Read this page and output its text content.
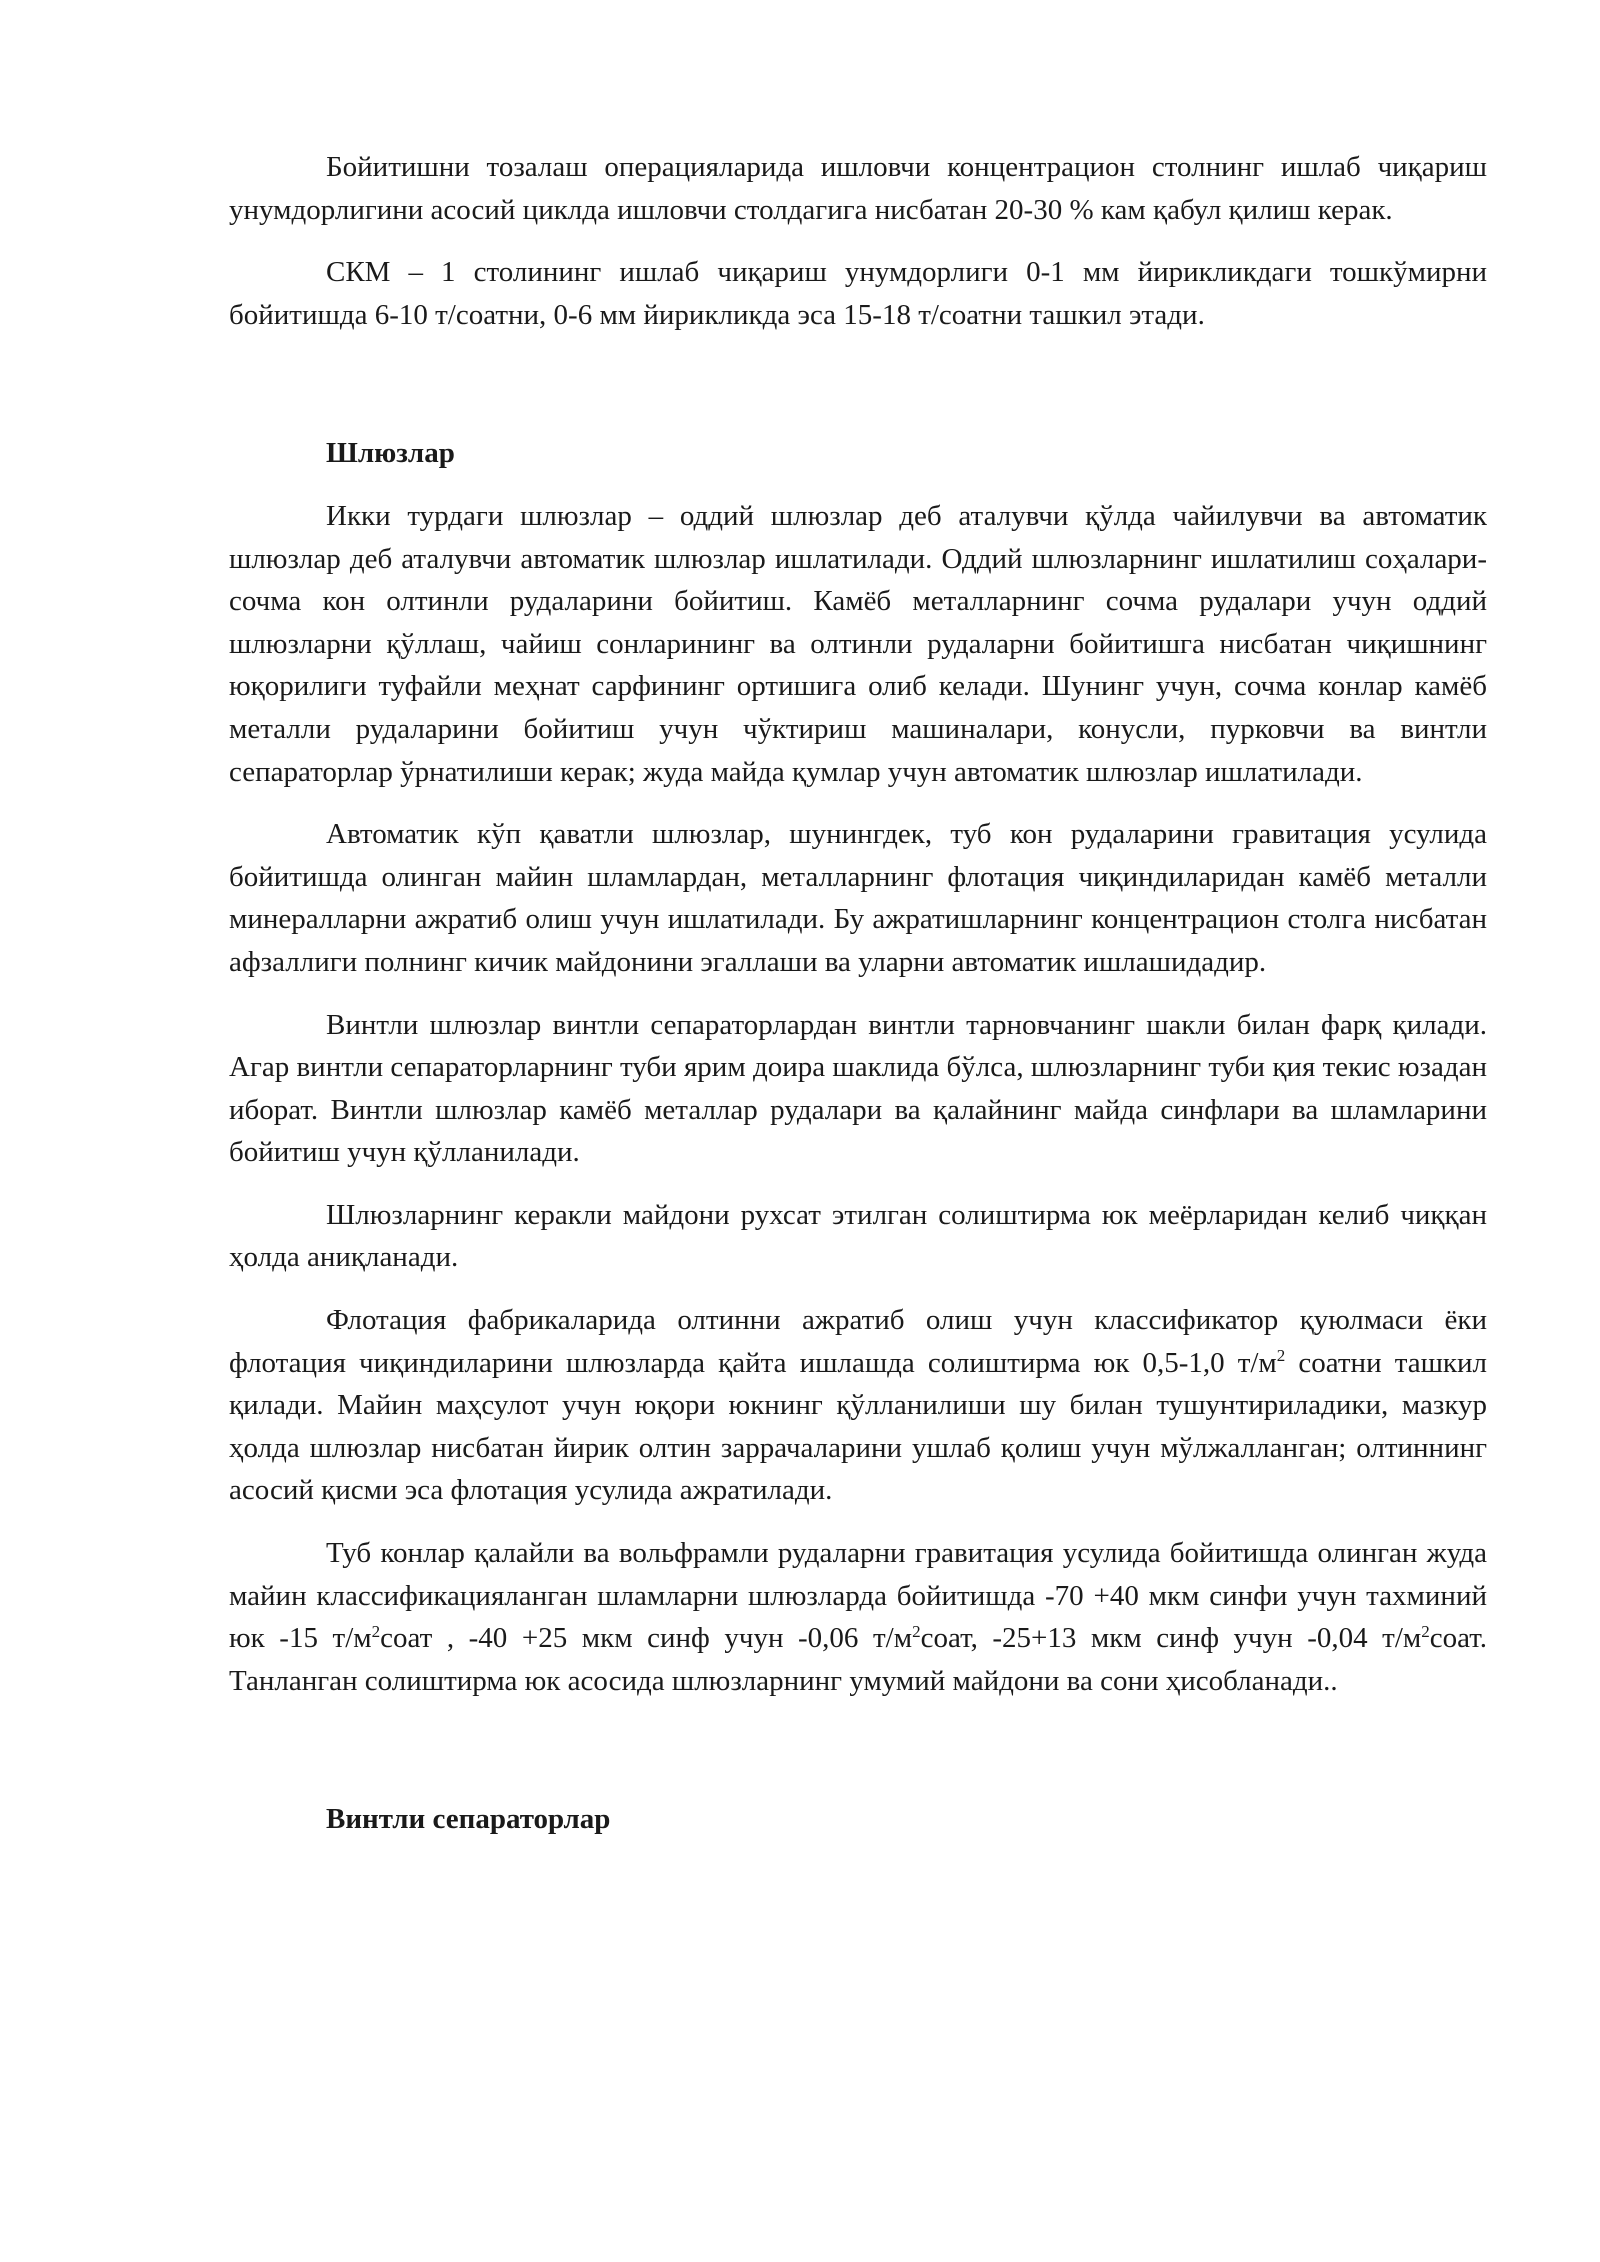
Бойитишни тозалаш операцияларида ишловчи концентрацион столнинг ишлаб чиқариш унумдорлигини асосий циклда ишловчи столдагига нисбатан 20-30 % кам қабул қилиш керак.

СКМ – 1 столининг ишлаб чиқариш унумдорлиги 0-1 мм йирикликдаги тошкўмирни бойитишда 6-10 т/соатни, 0-6 мм йирикликда эса 15-18 т/соатни ташкил этади.

Шлюзлар

Икки турдаги шлюзлар – оддий шлюзлар деб аталувчи қўлда чайилувчи ва автоматик шлюзлар деб аталувчи автоматик шлюзлар ишлатилади. Оддий шлюзларнинг ишлатилиш соҳалари- сочма кон олтинли рудаларини бойитиш. Камёб металларнинг сочма рудалари учун оддий шлюзларни қўллаш, чайиш сонларининг ва олтинли рудаларни бойитишга нисбатан чиқишнинг юқорилиги туфайли меҳнат сарфининг ортишига олиб келади. Шунинг учун, сочма конлар камёб металли рудаларини бойитиш учун чўктириш машиналари, конусли, пурковчи ва винтли сепараторлар ўрнатилиши керак; жуда майда қумлар учун автоматик шлюзлар ишлатилади.

Автоматик кўп қаватли шлюзлар, шунингдек, туб кон рудаларини гравитация усулида бойитишда олинган майин шламлардан, металларнинг флотация чиқиндиларидан камёб металли минералларни ажратиб олиш учун ишлатилади. Бу ажратишларнинг концентрацион столга нисбатан афзаллиги полнинг кичик майдонини эгаллаши ва уларни автоматик ишлашидадир.

Винтли шлюзлар винтли сепараторлардан винтли тарновчанинг шакли билан фарқ қилади. Агар винтли сепараторларнинг туби ярим доира шаклида бўлса, шлюзларнинг туби қия текис юзадан иборат. Винтли шлюзлар камёб металлар рудалари ва қалайнинг майда синфлари ва шламларини бойитиш учун қўлланилади.

Шлюзларнинг керакли майдони рухсат этилган солиштирма юк меёрларидан келиб чиққан ҳолда аниқланади.

Флотация фабрикаларида олтинни ажратиб олиш учун классификатор қуюлмаси ёки флотация чиқиндиларини шлюзларда қайта ишлашда солиштирма юк 0,5-1,0 $т/м^2$ соатни ташкил қилади. Майин маҳсулот учун юқори юкнинг қўлланилиши шу билан тушунтириладики, мазкур ҳолда шлюзлар нисбатан йирик олтин заррачаларини ушлаб қолиш учун мўлжалланган; олтиннинг асосий қисми эса флотация усулида ажратилади.

Туб конлар қалайли ва вольфрамли рудаларни гравитация усулида бойитишда олинган жуда майин классификацияланган шламларни шлюзларда бойитишда -70 +40 мкм синфи учун тахминий юк -15 $т/м^2соат$ , -40 +25 мкм синф учун -0,06 $т/м^2соат$, -25+13 мкм синф учун -0,04 $т/м^2соат$. Танланган солиштирма юк асосида шлюзларнинг умумий майдони ва сони ҳисобланади..

Винтли сепараторлар
